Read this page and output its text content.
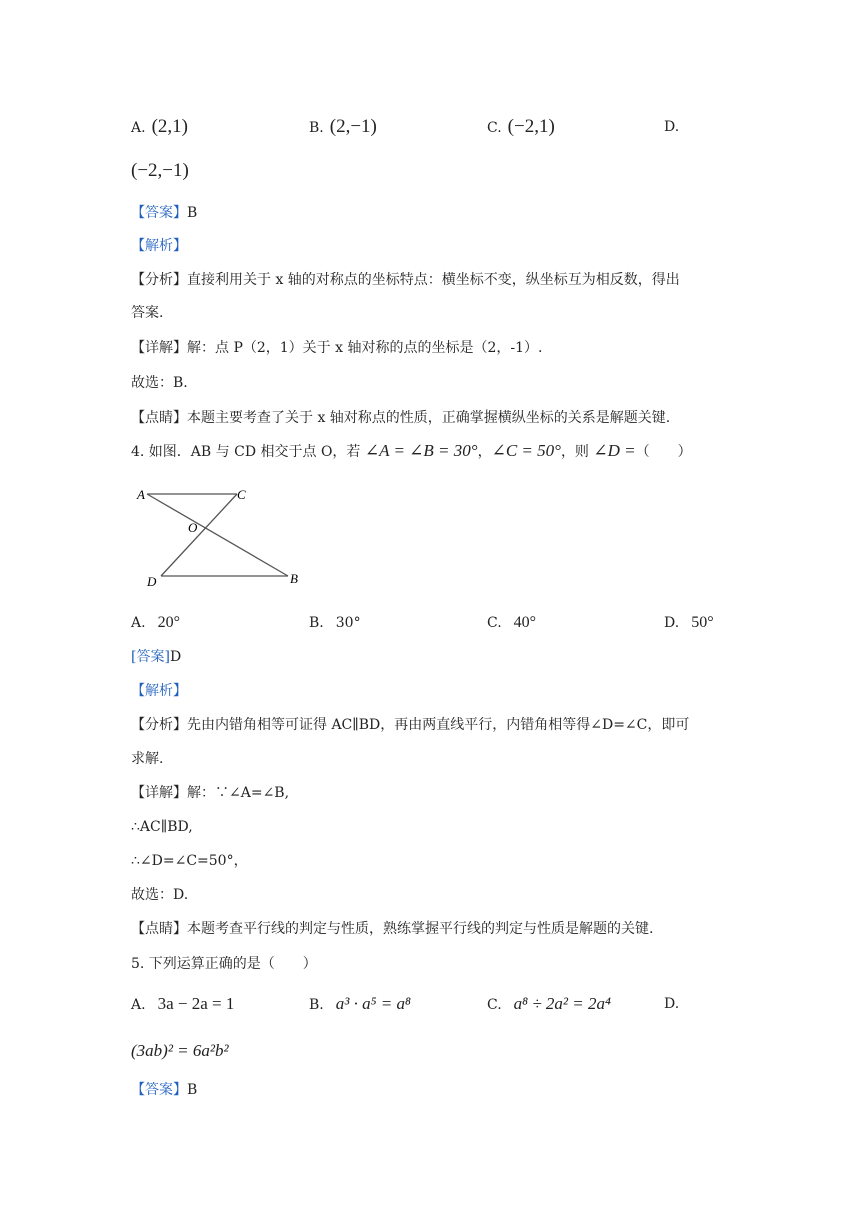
A. (2,1)	B. (2,−1)	C. (−2,1)	D.
(−2,−1)
【答案】B
【解析】
【分析】直接利用关于 x 轴的对称点的坐标特点：横坐标不变，纵坐标互为相反数，得出
答案.
【详解】解：点 P（2，1）关于 x 轴对称的点的坐标是（2，-1）.
故选：B.
【点睛】本题主要考查了关于 x 轴对称点的性质，正确掌握横纵坐标的关系是解题关键.
4. 如图．AB 与 CD 相交于点 O，若 ∠A = ∠B = 30°，∠C = 50°，则 ∠D =（　　）
A	C
O
D	B
A. 20°	B. 30°	C. 40°	D. 50°
[答案]D
【解析】
【分析】先由内错角相等可证得 AC∥BD，再由两直线平行，内错角相等得∠D=∠C，即可
求解.
【详解】解：∵∠A=∠B,
∴AC∥BD,
∴∠D=∠C=50°，
故选：D.
【点睛】本题考查平行线的判定与性质，熟练掌握平行线的判定与性质是解题的关键.
5. 下列运算正确的是（　　）
A. 3a − 2a = 1	B. a³ · a⁵ = a⁸	C. a⁸ ÷ 2a² = 2a⁴	D.
(3ab)² = 6a²b²
【答案】B
